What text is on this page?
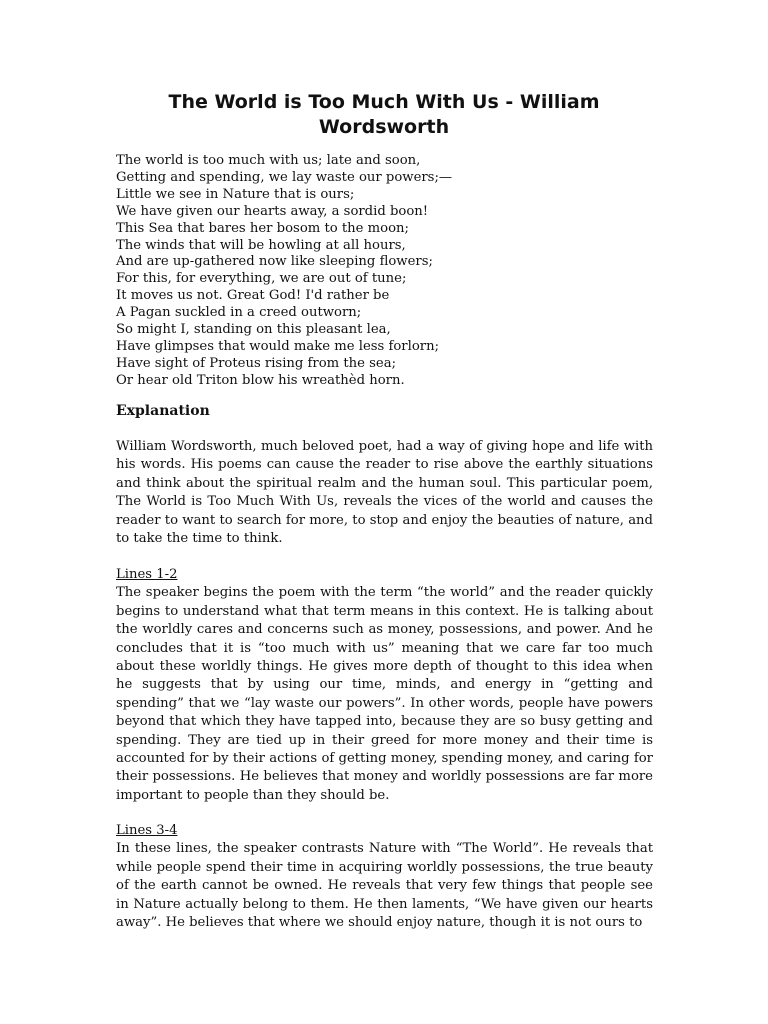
The World is Too Much With Us - William Wordsworth
The world is too much with us; late and soon,
Getting and spending, we lay waste our powers;—
Little we see in Nature that is ours;
We have given our hearts away, a sordid boon!
This Sea that bares her bosom to the moon;
The winds that will be howling at all hours,
And are up-gathered now like sleeping flowers;
For this, for everything, we are out of tune;
It moves us not. Great God! I'd rather be
A Pagan suckled in a creed outworn;
So might I, standing on this pleasant lea,
Have glimpses that would make me less forlorn;
Have sight of Proteus rising from the sea;
Or hear old Triton blow his wreathèd horn.
Explanation

William Wordsworth, much beloved poet, had a way of giving hope and life with his words. His poems can cause the reader to rise above the earthly situations and think about the spiritual realm and the human soul. This particular poem, The World is Too Much With Us, reveals the vices of the world and causes the reader to want to search for more, to stop and enjoy the beauties of nature, and to take the time to think.

Lines 1-2
The speaker begins the poem with the term “the world” and the reader quickly begins to understand what that term means in this context. He is talking about the worldly cares and concerns such as money, possessions, and power. And he concludes that it is “too much with us” meaning that we care far too much about these worldly things. He gives more depth of thought to this idea when he suggests that by using our time, minds, and energy in “getting and spending” that we “lay waste our powers”. In other words, people have powers beyond that which they have tapped into, because they are so busy getting and spending. They are tied up in their greed for more money and their time is accounted for by their actions of getting money, spending money, and caring for their possessions. He believes that money and worldly possessions are far more important to people than they should be.
Lines 3-4
In these lines, the speaker contrasts Nature with “The World”. He reveals that while people spend their time in acquiring worldly possessions, the true beauty of the earth cannot be owned. He reveals that very few things that people see in Nature actually belong to them. He then laments, “We have given our hearts away”. He believes that where we should enjoy nature, though it is not ours to
